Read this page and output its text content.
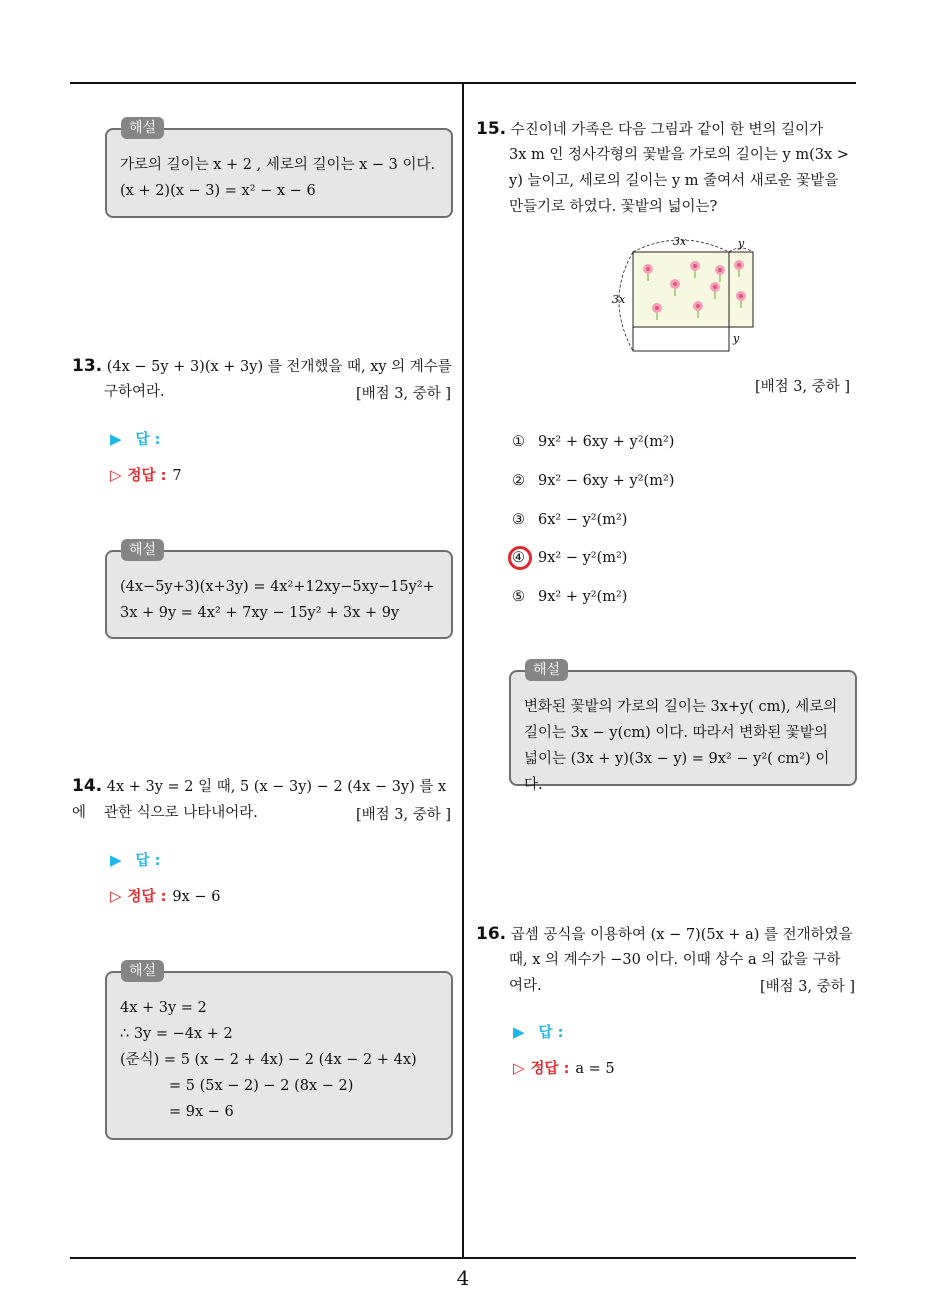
해설
가로의 길이는 x + 2 , 세로의 길이는 x − 3 이다.
(x + 2)(x − 3) = x² − x − 6
13. (4x − 5y + 3)(x + 3y) 를 전개했을 때, xy 의 계수를
구하여라.	[배점 3, 중하 ]
▶ 답 :
▷ 정답 : 7
해설
(4x−5y+3)(x+3y) = 4x²+12xy−5xy−15y²+
3x + 9y = 4x² + 7xy − 15y² + 3x + 9y
14. 4x + 3y = 2 일 때, 5 (x − 3y) − 2 (4x − 3y) 를 x 에	관한 식으로 나타내어라.	[배점 3, 중하 ]
▶ 답 :
▷ 정답 : 9x − 6
해설
4x + 3y = 2
∴ 3y = −4x + 2
(준식) = 5 (x − 2 + 4x) − 2 (4x − 2 + 4x)
= 5 (5x − 2) − 2 (8x − 2)
= 9x − 6
15. 수진이네 가족은 다음 그림과 같이 한 변의 길이가
3x m 인 정사각형의 꽃밭을 가로의 길이는 y m(3x >
y) 늘이고, 세로의 길이는 y m 줄여서 새로운 꽃밭을
만들기로 하였다. 꽃밭의 넓이는?
3x
3x
y
y
[배점 3, 중하 ]
① 9x² + 6xy + y²(m²)
② 9x² − 6xy + y²(m²)
③ 6x² − y²(m²)
④ 9x² − y²(m²)
⑤ 9x² + y²(m²)
해설
변화된 꽃밭의 가로의 길이는 3x+y( cm), 세로의
길이는 3x − y(cm) 이다. 따라서 변화된 꽃밭의
넓이는 (3x + y)(3x − y) = 9x² − y²( cm²) 이다.
16. 곱셈 공식을 이용하여 (x − 7)(5x + a) 를 전개하였을
때, x 의 계수가 −30 이다. 이때 상수 a 의 값을 구하
여라.	[배점 3, 중하 ]
▶ 답 :
▷ 정답 : a = 5
4
